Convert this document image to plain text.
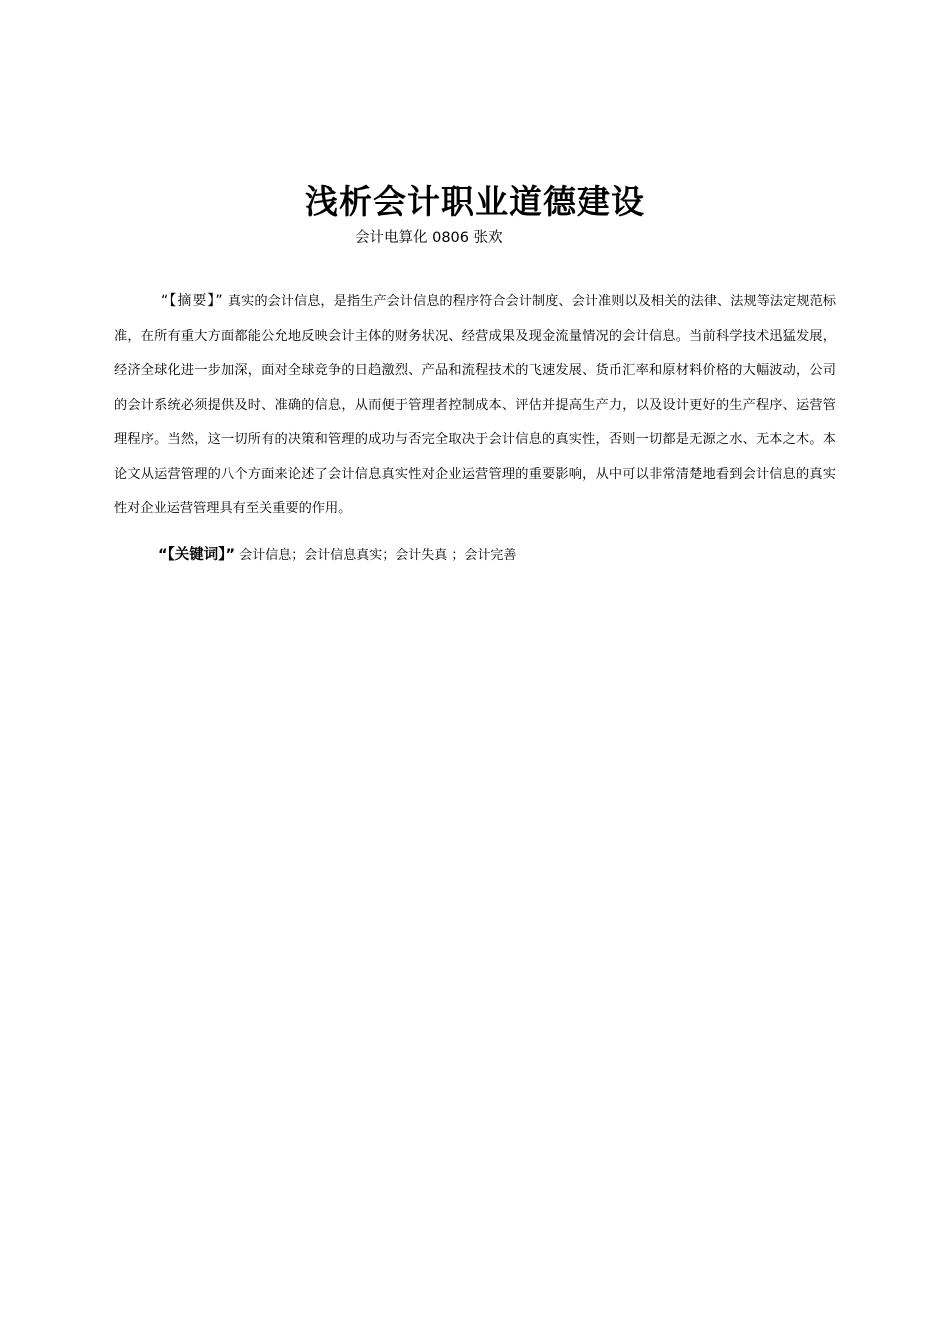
浅析会计职业道德建设
会计电算化 0806 张欢

“【摘要】” 真实的会计信息，是指生产会计信息的程序符合会计制度、会计准则以及相关的法律、法规等法定规范标准，在所有重大方面都能公允地反映会计主体的财务状况、经营成果及现金流量情况的会计信息。当前科学技术迅猛发展，经济全球化进一步加深，面对全球竞争的日趋激烈、产品和流程技术的飞速发展、货币汇率和原材料价格的大幅波动，公司的会计系统必须提供及时、准确的信息，从而便于管理者控制成本、评估并提高生产力，以及设计更好的生产程序、运营管理程序。当然，这一切所有的决策和管理的成功与否完全取决于会计信息的真实性，否则一切都是无源之水、无本之木。本论文从运营管理的八个方面来论述了会计信息真实性对企业运营管理的重要影响，从中可以非常清楚地看到会计信息的真实性对企业运营管理具有至关重要的作用。

“【关键词】” 会计信息；会计信息真实；会计失真 ；会计完善
